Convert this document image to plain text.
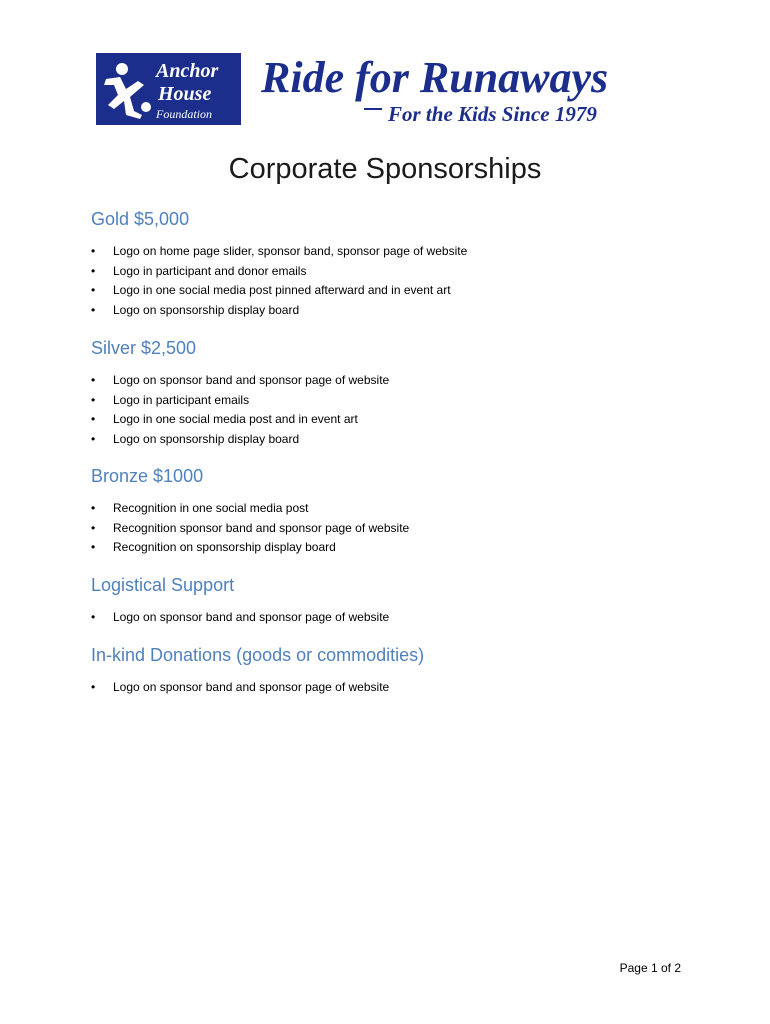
Anchor
House
Foundation
Ride for Runaways
For the Kids Since 1979
Corporate Sponsorships
Gold $5,000
• Logo on home page slider, sponsor band, sponsor page of website
• Logo in participant and donor emails
• Logo in one social media post pinned afterward and in event art
• Logo on sponsorship display board
Silver $2,500
• Logo on sponsor band and sponsor page of website
• Logo in participant emails
• Logo in one social media post and in event art
• Logo on sponsorship display board
Bronze $1000
• Recognition in one social media post
• Recognition sponsor band and sponsor page of website
• Recognition on sponsorship display board
Logistical Support
• Logo on sponsor band and sponsor page of website
In-kind Donations (goods or commodities)
• Logo on sponsor band and sponsor page of website
Page 1 of 2
